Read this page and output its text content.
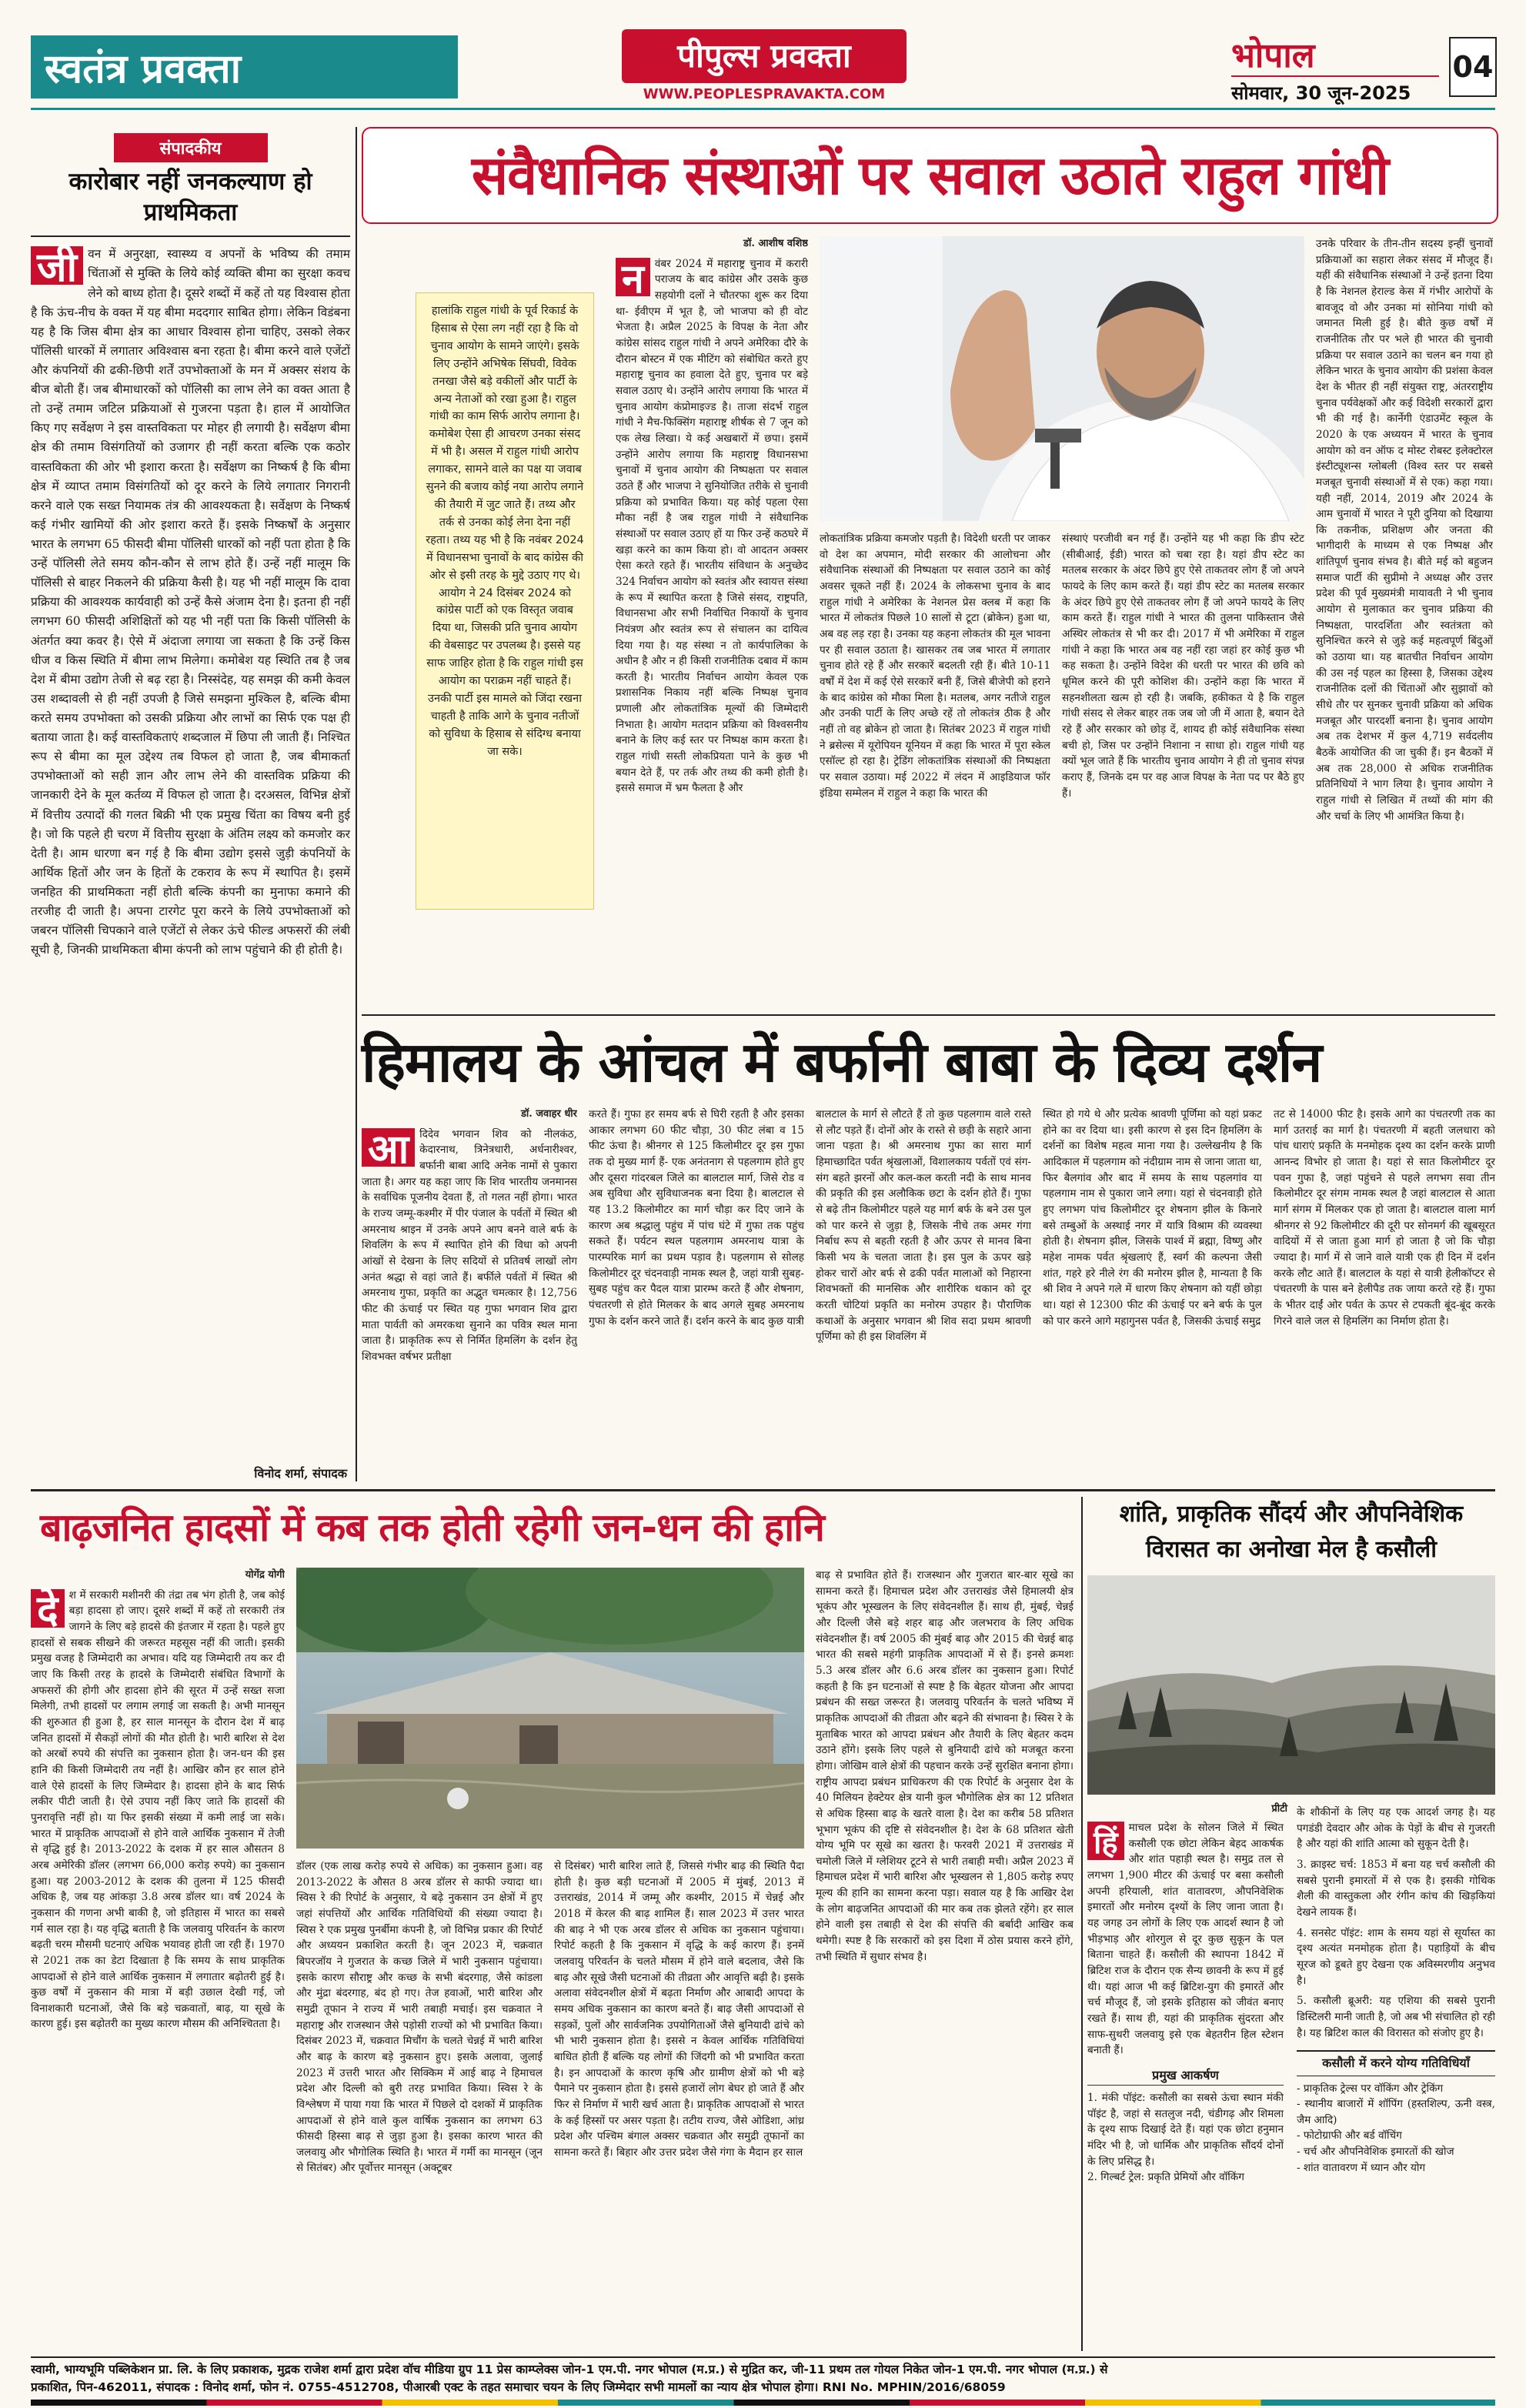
स्वतंत्र प्रवक्ता	पीपुल्स प्रवक्ता
WWW.PEOPLESPRAVAKTA.COM
भोपाल
सोमवार, 30 जून-2025
04
संपादकीय
कारोबार नहीं जनकल्याण हो प्राथमिकता
जी वन में अनुरक्षा, स्वास्थ्य व अपनों के भविष्य की तमाम चिंताओं से मुक्ति के लिये कोई व्यक्ति बीमा का सुरक्षा कवच लेने को बाध्य होता है। दूसरे शब्दों में कहें तो यह विश्वास होता है कि ऊंच-नीच के वक्त में यह बीमा मददगार साबित होगा। लेकिन विडंबना यह है कि जिस बीमा क्षेत्र का आधार विश्वास होना चाहिए, उसको लेकर पॉलिसी धारकों में लगातार अविश्वास बना रहता है। बीमा करने वाले एजेंटों और कंपनियों की ढकी-छिपी शर्तें उपभोक्ताओं के मन में अक्सर संशय के बीज बोती हैं। जब बीमाधारकों को पॉलिसी का लाभ लेने का वक्त आता है तो उन्हें तमाम जटिल प्रक्रियाओं से गुजरना पड़ता है। हाल में आयोजित किए गए सर्वेक्षण ने इस वास्तविकता पर मोहर ही लगायी है। सर्वेक्षण बीमा क्षेत्र की तमाम विसंगतियों को उजागर ही नहीं करता बल्कि एक कठोर वास्तविकता की ओर भी इशारा करता है। सर्वेक्षण का निष्कर्ष है कि बीमा क्षेत्र में व्याप्त तमाम विसंगतियों को दूर करने के लिये लगातार निगरानी करने वाले एक सख्त नियामक तंत्र की आवश्यकता है। सर्वेक्षण के निष्कर्ष कई गंभीर खामियों की ओर इशारा करते हैं। इसके निष्कर्षों के अनुसार भारत के लगभग 65 फीसदी बीमा पॉलिसी धारकों को नहीं पता होता है कि उन्हें पॉलिसी लेते समय कौन-कौन से लाभ होते हैं। उन्हें नहीं मालूम कि पॉलिसी से बाहर निकलने की प्रक्रिया कैसी है। यह भी नहीं मालूम कि दावा प्रक्रिया की आवश्यक कार्यवाही को उन्हें कैसे अंजाम देना है। इतना ही नहीं लगभग 60 फीसदी अशिक्षितों को यह भी नहीं पता कि किसी पॉलिसी के अंतर्गत क्या कवर है। ऐसे में अंदाजा लगाया जा सकता है कि उन्हें किस धीज व किस स्थिति में बीमा लाभ मिलेगा। कमोबेश यह स्थिति तब है जब देश में बीमा उद्योग तेजी से बढ़ रहा है। निस्संदेह, यह समझ की कमी केवल उस शब्दावली से ही नहीं उपजी है जिसे समझना मुश्किल है, बल्कि बीमा करते समय उपभोक्ता को उसकी प्रक्रिया और लाभों का सिर्फ एक पक्ष ही बताया जाता है। कई वास्तविकताएं शब्दजाल में छिपा ली जाती हैं। निश्चित रूप से बीमा का मूल उद्देश्य तब विफल हो जाता है, जब बीमाकर्ता उपभोक्ताओं को सही ज्ञान और लाभ लेने की वास्तविक प्रक्रिया की जानकारी देने के मूल कर्तव्य में विफल हो जाता है। दरअसल, विभिन्न क्षेत्रों में वित्तीय उत्पादों की गलत बिक्री भी एक प्रमुख चिंता का विषय बनी हुई है। जो कि पहले ही चरण में वित्तीय सुरक्षा के अंतिम लक्ष्य को कमजोर कर देती है। आम धारणा बन गई है कि बीमा उद्योग इससे जुड़ी कंपनियों के आर्थिक हितों और जन के हितों के टकराव के रूप में स्थापित है। इसमें जनहित की प्राथमिकता नहीं होती बल्कि कंपनी का मुनाफा कमाने की तरजीह दी जाती है। अपना टारगेट पूरा करने के लिये उपभोक्ताओं को जबरन पॉलिसी चिपकाने वाले एजेंटों से लेकर ऊंचे फील्ड अफसरों की लंबी सूची है, जिनकी प्राथमिकता बीमा कंपनी को लाभ पहुंचाने की ही होती है।
विनोद शर्मा, संपादक
संवैधानिक संस्थाओं पर सवाल उठाते राहुल गांधी
हालांकि राहुल गांधी के पूर्व रिकार्ड के हिसाब से ऐसा लग नहीं रहा है कि वो चुनाव आयोग के सामने जाएंगे। इसके लिए उन्होंने अभिषेक सिंघवी, विवेक तनखा जैसे बड़े वकीलों और पार्टी के अन्य नेताओं को रखा हुआ है। राहुल गांधी का काम सिर्फ आरोप लगाना है। कमोबेश ऐसा ही आचरण उनका संसद में भी है। असल में राहुल गांधी आरोप लगाकर, सामने वाले का पक्ष या जवाब सुनने की बजाय कोई नया आरोप लगाने की तैयारी में जुट जाते हैं। तथ्य और तर्क से उनका कोई लेना देना नहीं रहता। तथ्य यह भी है कि नवंबर 2024 में विधानसभा चुनावों के बाद कांग्रेस की ओर से इसी तरह के मुद्दे उठाए गए थे। आयोग ने 24 दिसंबर 2024 को कांग्रेस पार्टी को एक विस्तृत जवाब दिया था, जिसकी प्रति चुनाव आयोग की वेबसाइट पर उपलब्ध है। इससे यह साफ जाहिर होता है कि राहुल गांधी इस आयोग का पराक्रम नहीं चाहते हैं। उनकी पार्टी इस मामले को जिंदा रखना चाहती है ताकि आगे के चुनाव नतीजों को सुविधा के हिसाब से संदिग्ध बनाया जा सके।
डॉ. आशीष वशिष्ठ
न	वंबर 2024 में महाराष्ट्र चुनाव में करारी पराजय के बाद कांग्रेस और उसके कुछ सहयोगी दलों ने चौतरफा शुरू कर दिया था- ईवीएम में भूत है, जो भाजपा को ही वोट भेजता है। अप्रैल 2025 के विपक्ष के नेता और कांग्रेस सांसद राहुल गांधी ने अपने अमेरिका दौरे के दौरान बोस्टन में एक मीटिंग को संबोधित करते हुए महाराष्ट्र चुनाव का हवाला देते हुए, चुनाव पर बड़े सवाल उठाए थे। उन्होंने आरोप लगाया कि भारत में चुनाव आयोग कंप्रोमाइज्ड है। ताजा संदर्भ राहुल गांधी ने मैच-फिक्सिंग महाराष्ट्र शीर्षक से 7 जून को एक लेख लिखा। ये कई अखबारों में छपा। इसमें उन्होंने आरोप लगाया कि महाराष्ट्र विधानसभा चुनावों में चुनाव आयोग की निष्पक्षता पर सवाल उठते हैं और भाजपा ने सुनियोजित तरीके से चुनावी प्रक्रिया को प्रभावित किया। यह कोई पहला ऐसा मौका नहीं है जब राहुल गांधी ने संवैधानिक संस्थाओं पर सवाल उठाए हों या फिर उन्हें कठघरे में खड़ा करने का काम किया हो। वो आदतन अक्सर ऐसा करते रहते हैं। भारतीय संविधान के अनुच्छेद 324 निर्वाचन आयोग को स्वतंत्र और स्वायत्त संस्था के रूप में स्थापित करता है जिसे संसद, राष्ट्रपति, विधानसभा और सभी निर्वाचित निकायों के चुनाव नियंत्रण और स्वतंत्र रूप से संचालन का दायित्व दिया गया है। यह संस्था न तो कार्यपालिका के अधीन है और न ही किसी राजनीतिक दबाव में काम करती है। भारतीय निर्वाचन आयोग केवल एक प्रशासनिक निकाय नहीं बल्कि निष्पक्ष चुनाव प्रणाली और लोकतांत्रिक मूल्यों की जिम्मेदारी निभाता है। आयोग मतदान प्रक्रिया को विश्वसनीय बनाने के लिए कई स्तर पर निष्पक्ष काम करता है। राहुल गांधी सस्ती लोकप्रियता पाने के कुछ भी बयान देते हैं, पर तर्क और तथ्य की कमी होती है। इससे समाज में भ्रम फैलता है और
लोकतांत्रिक प्रक्रिया कमजोर पड़ती है। विदेशी धरती पर जाकर वो देश का अपमान, मोदी सरकार की आलोचना और संवैधानिक संस्थाओं की निष्पक्षता पर सवाल उठाने का कोई अवसर चूकते नहीं हैं। 2024 के लोकसभा चुनाव के बाद राहुल गांधी ने अमेरिका के नेशनल प्रेस क्लब में कहा कि भारत में लोकतंत्र पिछले 10 सालों से टूटा (ब्रोकेन) हुआ था, अब वह लड़ रहा है। उनका यह कहना लोकतंत्र की मूल भावना पर ही सवाल उठाता है। खासकर तब जब भारत में लगातार चुनाव होते रहे हैं और सरकारें बदलती रही हैं। बीते 10-11 वर्षों में देश में कई ऐसे सरकारें बनी हैं, जिसे बीजेपी को हराने के बाद कांग्रेस को मौका मिला है। मतलब, अगर नतीजे राहुल और उनकी पार्टी के लिए अच्छे रहें तो लोकतंत्र ठीक है और नहीं तो वह ब्रोकेन हो जाता है। सितंबर 2023 में राहुल गांधी ने ब्रसेल्स में यूरोपियन यूनियन में कहा कि भारत में पूरा स्केल एसॉल्ट हो रहा है। ट्रेडिंग लोकतांत्रिक संस्थाओं की निष्पक्षता पर सवाल उठाया। मई 2022 में लंदन में आइडियाज फॉर इंडिया सम्मेलन में राहुल ने कहा कि भारत की
संस्थाएं परजीवी बन गई हैं। उन्होंने यह भी कहा कि डीप स्टेट (सीबीआई, ईडी) भारत को चबा रहा है। यहां डीप स्टेट का मतलब सरकार के अंदर छिपे हुए ऐसे ताकतवर लोग हैं जो अपने फायदे के लिए काम करते हैं। यहां डीप स्टेट का मतलब सरकार के अंदर छिपे हुए ऐसे ताकतवर लोग हैं जो अपने फायदे के लिए काम करते हैं। राहुल गांधी ने भारत की तुलना पाकिस्तान जैसे अस्थिर लोकतंत्र से भी कर दी। 2017 में भी अमेरिका में राहुल गांधी ने कहा कि भारत अब वह नहीं रहा जहां हर कोई कुछ भी कह सकता है। उन्होंने विदेश की धरती पर भारत की छवि को धूमिल करने की पूरी कोशिश की। उन्होंने कहा कि भारत में सहनशीलता खत्म हो रही है। जबकि, हकीकत ये है कि राहुल गांधी संसद से लेकर बाहर तक जब जो जी में आता है, बयान देते रहे हैं और सरकार को छोड़ दें, शायद ही कोई संवैधानिक संस्था बची हो, जिस पर उन्होंने निशाना न साधा हो। राहुल गांधी यह क्यों भूल जाते हैं कि भारतीय चुनाव आयोग ने ही तो चुनाव संपन्न कराए हैं, जिनके दम पर वह आज विपक्ष के नेता पद पर बैठे हुए हैं।
उनके परिवार के तीन-तीन सदस्य इन्हीं चुनावों प्रक्रियाओं का सहारा लेकर संसद में मौजूद हैं। यहीं की संवैधानिक संस्थाओं ने उन्हें इतना दिया है कि नेशनल हेराल्ड केस में गंभीर आरोपों के बावजूद वो और उनका मां सोनिया गांधी को जमानत मिली हुई है। बीते कुछ वर्षों में राजनीतिक तौर पर भले ही भारत की चुनावी प्रक्रिया पर सवाल उठाने का चलन बन गया हो लेकिन भारत के चुनाव आयोग की प्रशंसा केवल देश के भीतर ही नहीं संयुक्त राष्ट्र, अंतरराष्ट्रीय चुनाव पर्यवेक्षकों और कई विदेशी सरकारों द्वारा भी की गई है। कार्नेगी एंडाउमेंट स्कूल के 2020 के एक अध्ययन में भारत के चुनाव आयोग को वन ऑफ द मोस्ट रोबस्ट इलेक्टोरल इंस्टीट्यूशन्स ग्लोबली (विश्व स्तर पर सबसे मजबूत चुनावी संस्थाओं में से एक) कहा गया। यही नहीं, 2014, 2019 और 2024 के आम चुनावों में भारत ने पूरी दुनिया को दिखाया कि तकनीक, प्रशिक्षण और जनता की भागीदारी के माध्यम से एक निष्पक्ष और शांतिपूर्ण चुनाव संभव है। बीते मई को बहुजन समाज पार्टी की सुप्रीमो ने अध्यक्ष और उत्तर प्रदेश की पूर्व मुख्यमंत्री मायावती ने भी चुनाव आयोग से मुलाकात कर चुनाव प्रक्रिया की निष्पक्षता, पारदर्शिता और स्वतंत्रता को सुनिश्चित करने से जुड़े कई महत्वपूर्ण बिंदुओं को उठाया था। यह बातचीत निर्वाचन आयोग की उस नई पहल का हिस्सा है, जिसका उद्देश्य राजनीतिक दलों की चिंताओं और सुझावों को सीधे तौर पर सुनकर चुनावी प्रक्रिया को अधिक मजबूत और पारदर्शी बनाना है। चुनाव आयोग अब तक देशभर में कुल 4,719 सर्वदलीय बैठकें आयोजित की जा चुकी हैं। इन बैठकों में अब तक 28,000 से अधिक राजनीतिक प्रतिनिधियों ने भाग लिया है। चुनाव आयोग ने राहुल गांधी से लिखित में तथ्यों की मांग की और चर्चा के लिए भी आमंत्रित किया है।
हिमालय के आंचल में बर्फानी बाबा के दिव्य दर्शन
डॉ. जवाहर धीर
आ	दिदेव भगवान शिव को नीलकंठ, केदारनाथ, त्रिनेत्रधारी, अर्धनारीश्वर, बर्फानी बाबा आदि अनेक नामों से पुकारा जाता है। अगर यह कहा जाए कि शिव भारतीय जनमानस के सर्वाधिक पूजनीय देवता हैं, तो गलत नहीं होगा। भारत के राज्य जम्मू-कश्मीर में पीर पंजाल के पर्वतों में स्थित श्री अमरनाथ श्राइन में उनके अपने आप बनने वाले बर्फ के शिवलिंग के रूप में स्थापित होने की विधा को अपनी आंखों से देखना के लिए सदियों से प्रतिवर्ष लाखों लोग अनंत श्रद्धा से वहां जाते हैं। बर्फीले पर्वतों में स्थित श्री अमरनाथ गुफा, प्रकृति का अद्भुत चमत्कार है। 12,756 फीट की ऊंचाई पर स्थित यह गुफा भगवान शिव द्वारा माता पार्वती को अमरकथा सुनाने का पवित्र स्थल माना जाता है। प्राकृतिक रूप से निर्मित हिमलिंग के दर्शन हेतु शिवभक्त वर्षभर प्रतीक्षा
करते हैं। गुफा हर समय बर्फ से घिरी रहती है और इसका आकार लगभग 60 फीट चौड़ा, 30 फीट लंबा व 15 फीट ऊंचा है। श्रीनगर से 125 किलोमीटर दूर इस गुफा तक दो मुख्य मार्ग हैं- एक अनंतनाग से पहलगाम होते हुए और दूसरा गांदरबल जिले का बालटाल मार्ग, जिसे रोड व अब सुविधा और सुविधाजनक बना दिया है। बालटाल से यह 13.2 किलोमीटर का मार्ग चौड़ा कर दिए जाने के कारण अब श्रद्धालु पहुंच में पांच घंटे में गुफा तक पहुंच सकते हैं। पर्यटन स्थल पहलगाम अमरनाथ यात्रा के पारम्परिक मार्ग का प्रथम पड़ाव है। पहलगाम से सोलह किलोमीटर दूर चंदनवाड़ी नामक स्थल है, जहां यात्री सुबह-सुबह पहुंच कर पैदल यात्रा प्रारम्भ करते हैं और शेषनाग, पंचतरणी से होते मिलकर के बाद अगले सुबह अमरनाथ गुफा के दर्शन करने जाते हैं। दर्शन करने के बाद कुछ यात्री
बालटाल के मार्ग से लौटते हैं तो कुछ पहलगाम वाले रास्ते से लौट पड़ते हैं। दोनों ओर के रास्ते से छड़ी के सहारे आना जाना पड़ता है। श्री अमरनाथ गुफा का सारा मार्ग हिमाच्छादित पर्वत श्रृंखलाओं, विशालकाय पर्वतों एवं संग-संग बहते झरनों और कल-कल करती नदी के साथ मानव की प्रकृति की इस अलौकिक छटा के दर्शन होते हैं। गुफा से बढ़े तीन किलोमीटर पहले यह मार्ग बर्फ के बने उस पुल को पार करने से जुड़ा है, जिसके नीचे तक अमर गंगा निर्बाध रूप से बहती रहती है और ऊपर से मानव बिना किसी भय के चलता जाता है। इस पुल के ऊपर खड़े होकर चारों ओर बर्फ से ढकी पर्वत मालाओं को निहारना शिवभक्तों की मानसिक और शारीरिक थकान को दूर करती चोटियां प्रकृति का मनोरम उपहार है। पौराणिक कथाओं के अनुसार भगवान श्री शिव सदा प्रथम श्रावणी पूर्णिमा को ही इस शिवलिंग में
स्थित हो गये थे और प्रत्येक श्रावणी पूर्णिमा को यहां प्रकट होने का वर दिया था। इसी कारण से इस दिन हिमलिंग के दर्शनों का विशेष महत्व माना गया है। उल्लेखनीय है कि आदिकाल में पहलगाम को नंदीग्राम नाम से जाना जाता था, फिर बैलगांव और बाद में समय के साथ पहलगांव या पहलगाम नाम से पुकारा जाने लगा। यहां से चंदनवाड़ी होते हुए लगभग पांच किलोमीटर दूर शेषनाग झील के किनारे बसे तम्बुओं के अस्थाई नगर में यात्रि विश्राम की व्यवस्था होती है। शेषनाग झील, जिसके पार्श्व में ब्रह्मा, विष्णु और महेश नामक पर्वत श्रृंखलाएं हैं, स्वर्ग की कल्पना जैसी शांत, गहरे हरे नीले रंग की मनोरम झील है, मान्यता है कि श्री शिव ने अपने गले में धारण किए शेषनाग को यहीं छोड़ा था। यहां से 12300 फीट की ऊंचाई पर बने बर्फ के पुल को पार करने आगे महागुनस पर्वत है, जिसकी ऊंचाई समुद्र
तट से 14000 फीट है। इसके आगे का पंचतरणी तक का मार्ग उतराई का मार्ग है। पंचतरणी में बहती जलधारा को पांच धाराएं प्रकृति के मनमोहक दृश्य का दर्शन करके प्राणी आनन्द विभोर हो जाता है। यहां से सात किलोमीटर दूर पवन गुफा है, जहां पहुंचने से पहले लगभग सवा तीन किलोमीटर दूर संगम नामक स्थल है जहां बालटाल से आता मार्ग संगम में मिलकर एक हो जाता है। बालटाल वाला मार्ग श्रीनगर से 92 किलोमीटर की दूरी पर सोनमर्ग की खूबसूरत वादियों में से जाता हुआ मार्ग हो जाता है जो कि चौड़ा ज्यादा है। मार्ग में से जाने वाले यात्री एक ही दिन में दर्शन करके लौट आते हैं। बालटाल के यहां से यात्री हेलीकॉप्टर से पंचतरणी के पास बने हेलीपैड तक जाया करते रहे हैं। गुफा के भीतर दाईं ओर पर्वत के ऊपर से टपकती बूंद-बूंद करके गिरने वाले जल से हिमलिंग का निर्माण होता है।
बाढ़जनित हादसों में कब तक होती रहेगी जन-धन की हानि
योगेंद्र योगी
दे	श में सरकारी मशीनरी की तंद्रा तब भंग होती है, जब कोई बड़ा हादसा हो जाए। दूसरे शब्दों में कहें तो सरकारी तंत्र जागने के लिए बड़े हादसे की इंतजार में रहता है। पहले हुए हादसों से सबक सीखने की जरूरत महसूस नहीं की जाती। इसकी प्रमुख वजह है जिम्मेदारी का अभाव। यदि यह जिम्मेदारी तय कर दी जाए कि किसी तरह के हादसे के जिम्मेदारी संबंधित विभागों के अफसरों की होगी और हादसा होने की सूरत में उन्हें सख्त सजा मिलेगी, तभी हादसों पर लगाम लगाई जा सकती है। अभी मानसून की शुरुआत ही हुआ है, हर साल मानसून के दौरान देश में बाढ़ जनित हादसों में सैकड़ों लोगों की मौत होती है। भारी बारिश से देश को अरबों रुपये की संपत्ति का नुकसान होता है। जन-धन की इस हानि की किसी जिम्मेदारी तय नहीं है। आखिर कौन हर साल होने वाले ऐसे हादसों के लिए जिम्मेदार है। हादसा होने के बाद सिर्फ लकीर पीटी जाती है। ऐसे उपाय नहीं किए जाते कि हादसों की पुनरावृत्ति नहीं हो। या फिर इसकी संख्या में कमी लाई जा सके। भारत में प्राकृतिक आपदाओं से होने वाले आर्थिक नुकसान में तेजी से वृद्धि हुई है। 2013-2022 के दशक में हर साल औसतन 8 अरब अमेरिकी डॉलर (लगभग 66,000 करोड़ रुपये) का नुकसान हुआ। यह 2003-2012 के दशक की तुलना में 125 फीसदी अधिक है, जब यह आंकड़ा 3.8 अरब डॉलर था। वर्ष 2024 के नुकसान की गणना अभी बाकी है, जो इतिहास में भारत का सबसे गर्म साल रहा है। यह वृद्धि बताती है कि जलवायु परिवर्तन के कारण बढ़ती चरम मौसमी घटनाएं अधिक भयावह होती जा रही हैं। 1970 से 2021 तक का डेटा दिखाता है कि समय के साथ प्राकृतिक आपदाओं से होने वाले आर्थिक नुकसान में लगातार बढ़ोतरी हुई है। कुछ वर्षों में नुकसान की मात्रा में बड़ी उछाल देखी गई, जो विनाशकारी घटनाओं, जैसे कि बड़े चक्रवातों, बाढ़, या सूखे के कारण हुई। इस बढ़ोतरी का मुख्य कारण मौसम की अनिश्चितता है।
डॉलर (एक लाख करोड़ रुपये से अधिक) का नुकसान हुआ। वह 2013-2022 के औसत 8 अरब डॉलर से काफी ज्यादा था। स्विस रे की रिपोर्ट के अनुसार, ये बढ़े नुकसान उन क्षेत्रों में हुए जहां संपत्तियों और आर्थिक गतिविधियों की संख्या ज्यादा है। स्विस रे एक प्रमुख पुनर्बीमा कंपनी है, जो विभिन्न प्रकार की रिपोर्ट और अध्ययन प्रकाशित करती है। जून 2023 में, चक्रवात बिपरजॉय ने गुजरात के कच्छ जिले में भारी नुकसान पहुंचाया। इसके कारण सौराष्ट्र और कच्छ के सभी बंदरगाह, जैसे कांडला और मुंद्रा बंदरगाह, बंद हो गए। तेज हवाओं, भारी बारिश और समुद्री तूफान ने राज्य में भारी तबाही मचाई। इस चक्रवात ने महाराष्ट्र और राजस्थान जैसे पड़ोसी राज्यों को भी प्रभावित किया। दिसंबर 2023 में, चक्रवात मिचौंग के चलते चेन्नई में भारी बारिश और बाढ़ के कारण बड़े नुकसान हुए। इसके अलावा, जुलाई 2023 में उत्तरी भारत और सिक्किम में आई बाढ़ ने हिमाचल प्रदेश और दिल्ली को बुरी तरह प्रभावित किया। स्विस रे के विश्लेषण में पाया गया कि भारत में पिछले दो दशकों में प्राकृतिक आपदाओं से होने वाले कुल वार्षिक नुकसान का लगभग 63 फीसदी हिस्सा बाढ़ से जुड़ा हुआ है। इसका कारण भारत की जलवायु और भौगोलिक स्थिति है। भारत में गर्मी का मानसून (जून से सितंबर) और पूर्वोत्तर मानसून (अक्टूबर
से दिसंबर) भारी बारिश लाते हैं, जिससे गंभीर बाढ़ की स्थिति पैदा होती है। कुछ बड़ी घटनाओं में 2005 में मुंबई, 2013 में उत्तराखंड, 2014 में जम्मू और कश्मीर, 2015 में चेन्नई और 2018 में केरल की बाढ़ शामिल हैं। साल 2023 में उत्तर भारत की बाढ़ ने भी एक अरब डॉलर से अधिक का नुकसान पहुंचाया। रिपोर्ट कहती है कि नुकसान में वृद्धि के कई कारण हैं। इनमें जलवायु परिवर्तन के चलते मौसम में होने वाले बदलाव, जैसे कि बाढ़ और सूखे जैसी घटनाओं की तीव्रता और आवृत्ति बढ़ी है। इसके अलावा संवेदनशील क्षेत्रों में बढ़ता निर्माण और आबादी आपदा के समय अधिक नुकसान का कारण बनते हैं। बाढ़ जैसी आपदाओं से सड़कों, पुलों और सार्वजनिक उपयोगिताओं जैसे बुनियादी ढांचे को भी भारी नुकसान होता है। इससे न केवल आर्थिक गतिविधियां बाधित होती हैं बल्कि यह लोगों की जिंदगी को भी प्रभावित करता है। इन आपदाओं के कारण कृषि और ग्रामीण क्षेत्रों को भी बड़े पैमाने पर नुकसान होता है। इससे हजारों लोग बेघर हो जाते हैं और फिर से निर्माण में भारी खर्च आता है। प्राकृतिक आपदाओं से भारत के कई हिस्सों पर असर पड़ता है। तटीय राज्य, जैसे ओडिशा, आंध्र प्रदेश और पश्चिम बंगाल अक्सर चक्रवात और समुद्री तूफानों का सामना करते हैं। बिहार और उत्तर प्रदेश जैसे गंगा के मैदान हर साल
बाढ़ से प्रभावित होते हैं। राजस्थान और गुजरात बार-बार सूखे का सामना करते हैं। हिमाचल प्रदेश और उत्तराखंड जैसे हिमालयी क्षेत्र भूकंप और भूस्खलन के लिए संवेदनशील हैं। साथ ही, मुंबई, चेन्नई और दिल्ली जैसे बड़े शहर बाढ़ और जलभराव के लिए अधिक संवेदनशील हैं। वर्ष 2005 की मुंबई बाढ़ और 2015 की चेन्नई बाढ़ भारत की सबसे महंगी प्राकृतिक आपदाओं में से हैं। इनसे क्रमशः 5.3 अरब डॉलर और 6.6 अरब डॉलर का नुकसान हुआ। रिपोर्ट कहती है कि इन घटनाओं से स्पष्ट है कि बेहतर योजना और आपदा प्रबंधन की सख्त जरूरत है। जलवायु परिवर्तन के चलते भविष्य में प्राकृतिक आपदाओं की तीव्रता और बढ़ने की संभावना है। स्विस रे के मुताबिक भारत को आपदा प्रबंधन और तैयारी के लिए बेहतर कदम उठाने होंगे। इसके लिए पहले से बुनियादी ढांचे को मजबूत करना होगा। जोखिम वाले क्षेत्रों की पहचान करके उन्हें सुरक्षित बनाना होगा। राष्ट्रीय आपदा प्रबंधन प्राधिकरण की एक रिपोर्ट के अनुसार देश के 40 मिलियन हेक्टेयर क्षेत्र यानी कुल भौगोलिक क्षेत्र का 12 प्रतिशत से अधिक हिस्सा बाढ़ के खतरे वाला है। देश का करीब 58 प्रतिशत भूभाग भूकंप की दृष्टि से संवेदनशील है। देश के 68 प्रतिशत खेती योग्य भूमि पर सूखे का खतरा है। फरवरी 2021 में उत्तराखंड में चमोली जिले में ग्लेशियर टूटने से भारी तबाही मची। अप्रैल 2023 में हिमाचल प्रदेश में भारी बारिश और भूस्खलन से 1,805 करोड़ रुपए मूल्य की हानि का सामना करना पड़ा। सवाल यह है कि आखिर देश के लोग बाढ़जनित आपदाओं की मार कब तक झेलते रहेंगे। हर साल होने वाली इस तबाही से देश की संपत्ति की बर्बादी आखिर कब थमेगी। स्पष्ट है कि सरकारों को इस दिशा में ठोस प्रयास करने होंगे, तभी स्थिति में सुधार संभव है।
शांति, प्राकृतिक सौंदर्य और औपनिवेशिक
विरासत का अनोखा मेल है कसौली
प्रीटी
हिं	माचल प्रदेश के सोलन जिले में स्थित कसौली एक छोटा लेकिन बेहद आकर्षक और शांत पहाड़ी स्थल है। समुद्र तल से लगभग 1,900 मीटर की ऊंचाई पर बसा कसौली अपनी हरियाली, शांत वातावरण, औपनिवेशिक इमारतों और मनोरम दृश्यों के लिए जाना जाता है। यह जगह उन लोगों के लिए एक आदर्श स्थान है जो भीड़भाड़ और शोरगुल से दूर कुछ सुकून के पल बिताना चाहते हैं। कसौली की स्थापना 1842 में ब्रिटिश राज के दौरान एक सैन्य छावनी के रूप में हुई थी। यहां आज भी कई ब्रिटिश-युग की इमारतें और चर्च मौजूद हैं, जो इसके इतिहास को जीवंत बनाए रखते हैं। साथ ही, यहां की प्राकृतिक सुंदरता और साफ-सुथरी जलवायु इसे एक बेहतरीन हिल स्टेशन बनाती हैं।
प्रमुख आकर्षण

1. मंकी पॉइंट: कसौली का सबसे ऊंचा स्थान मंकी पॉइंट है, जहां से सतलुज नदी, चंडीगढ़ और शिमला के दृश्य साफ दिखाई देते हैं। यहां एक छोटा हनुमान मंदिर भी है, जो धार्मिक और प्राकृतिक सौंदर्य दोनों के लिए प्रसिद्ध है।

2. गिल्बर्ट ट्रेल: प्रकृति प्रेमियों और वॉकिंग

के शौकीनों के लिए यह एक आदर्श जगह है। यह पगडंडी देवदार और ओक के पेड़ों के बीच से गुजरती है और यहां की शांति आत्मा को सुकून देती है।

3. क्राइस्ट चर्च: 1853 में बना यह चर्च कसौली की सबसे पुरानी इमारतों में से एक है। इसकी गोथिक शैली की वास्तुकला और रंगीन कांच की खिड़कियां देखने लायक हैं।

4. सनसेट पॉइंट: शाम के समय यहां से सूर्यास्त का दृश्य अत्यंत मनमोहक होता है। पहाड़ियों के बीच सूरज को डूबते हुए देखना एक अविस्मरणीय अनुभव है।

5. कसौली ब्रूअरी: यह एशिया की सबसे पुरानी डिस्टिलरी मानी जाती है, जो अब भी संचालित हो रही है। यह ब्रिटिश काल की विरासत को संजोए हुए है।

कसौली में करने योग्य गतिविधियाँ

- प्राकृतिक ट्रेल्स पर वॉकिंग और ट्रेकिंग

- स्थानीय बाजारों में शॉपिंग (हस्तशिल्प, ऊनी वस्त्र, जैम आदि)

- फोटोग्राफी और बर्ड वॉचिंग

- चर्च और औपनिवेशिक इमारतों की खोज

- शांत वातावरण में ध्यान और योग

स्वामी, भाग्यभूमि पब्लिकेशन प्रा. लि. के लिए प्रकाशक, मुद्रक राजेश शर्मा द्वारा प्रदेश वॉच मीडिया ग्रुप 11 प्रेस काम्प्लेक्स जोन-1 एम.पी. नगर भोपाल (म.प्र.) से मुद्रित कर, जी-11 प्रथम तल गोयल निकेत जोन-1 एम.पी. नगर भोपाल (म.प्र.) से
प्रकाशित, पिन-462011, संपादक : विनोद शर्मा, फोन नं. 0755-4512708, पीआरबी एक्ट के तहत समाचार चयन के लिए जिम्मेदार सभी मामलों का न्याय क्षेत्र भोपाल होगा। RNI No. MPHIN/2016/68059
